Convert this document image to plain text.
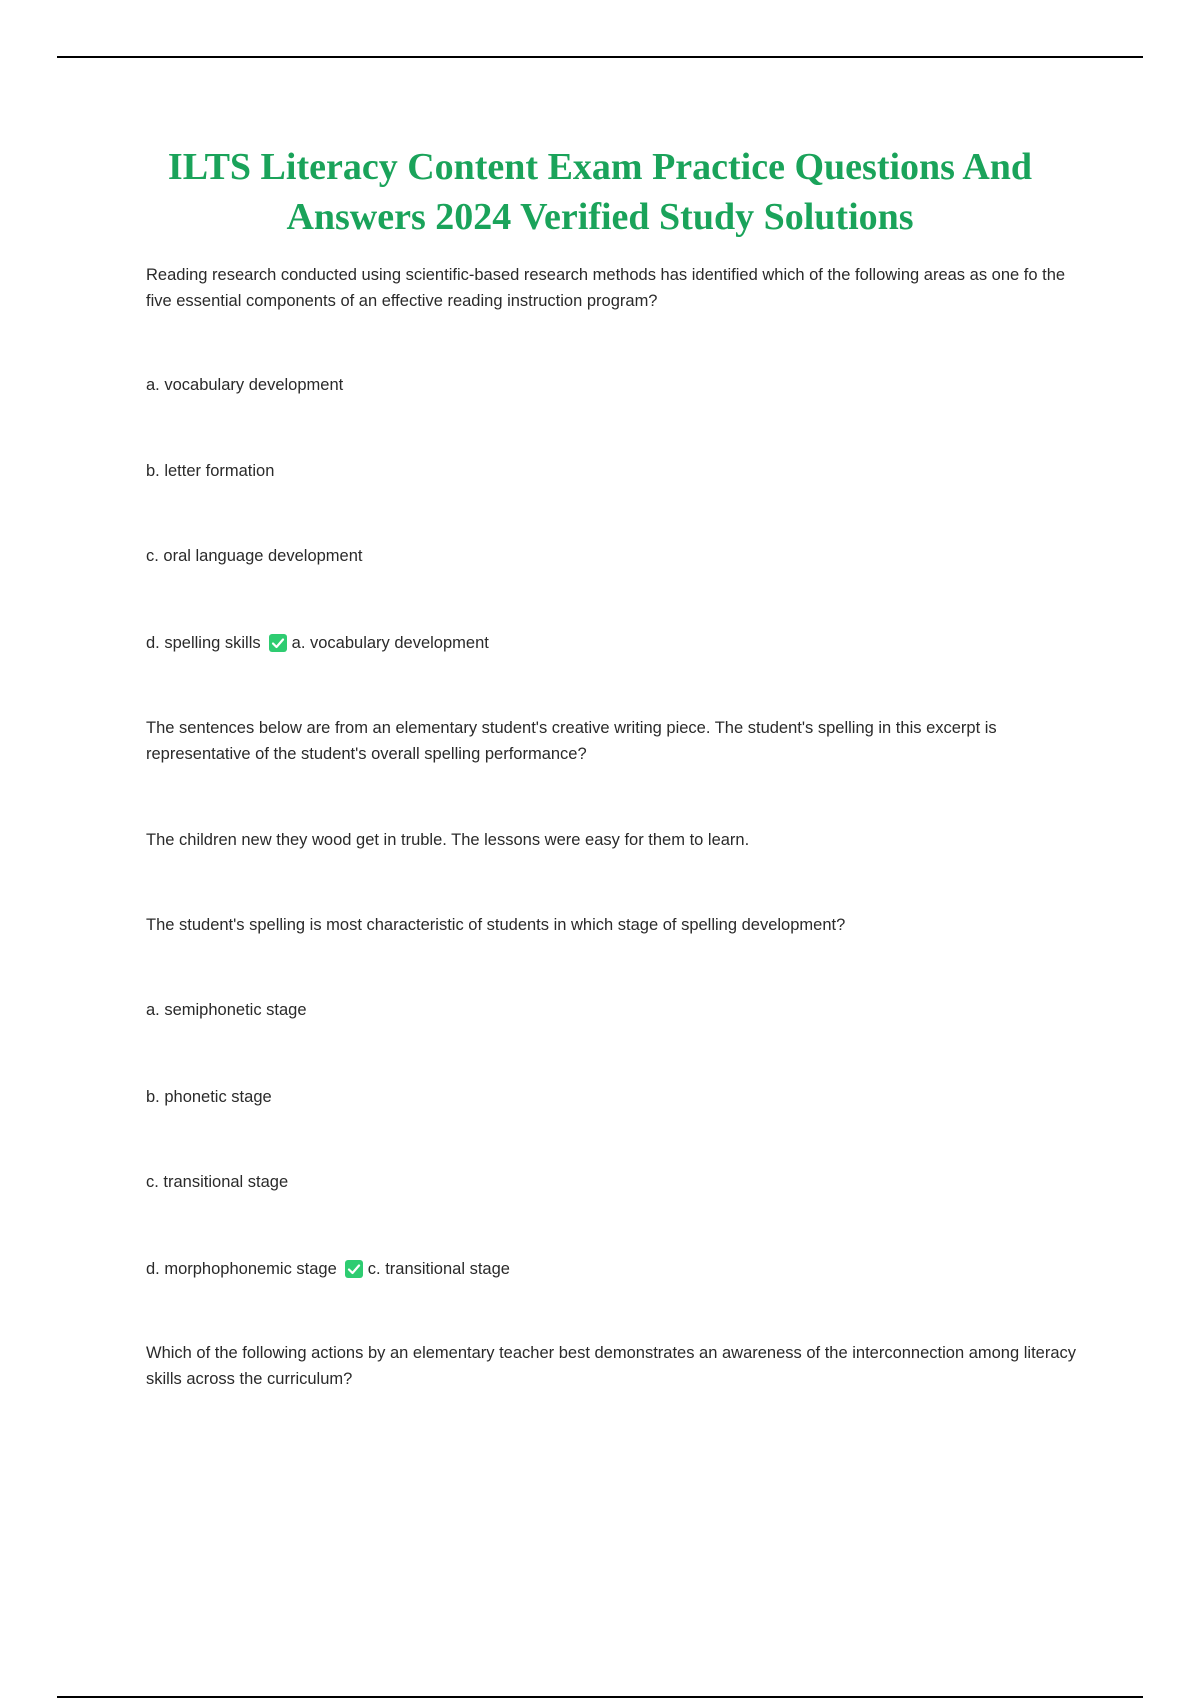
ILTS Literacy Content Exam Practice Questions And Answers 2024 Verified Study Solutions

Reading research conducted using scientific-based research methods has identified which of the following areas as one fo the five essential components of an effective reading instruction program?

a. vocabulary development

b. letter formation

c. oral language development

d. spelling skills a. vocabulary development

The sentences below are from an elementary student's creative writing piece. The student's spelling in this excerpt is representative of the student's overall spelling performance?

The children new they wood get in truble. The lessons were easy for them to learn.

The student's spelling is most characteristic of students in which stage of spelling development?

a. semiphonetic stage

b. phonetic stage

c. transitional stage

d. morphophonemic stage c. transitional stage

Which of the following actions by an elementary teacher best demonstrates an awareness of the interconnection among literacy skills across the curriculum?
